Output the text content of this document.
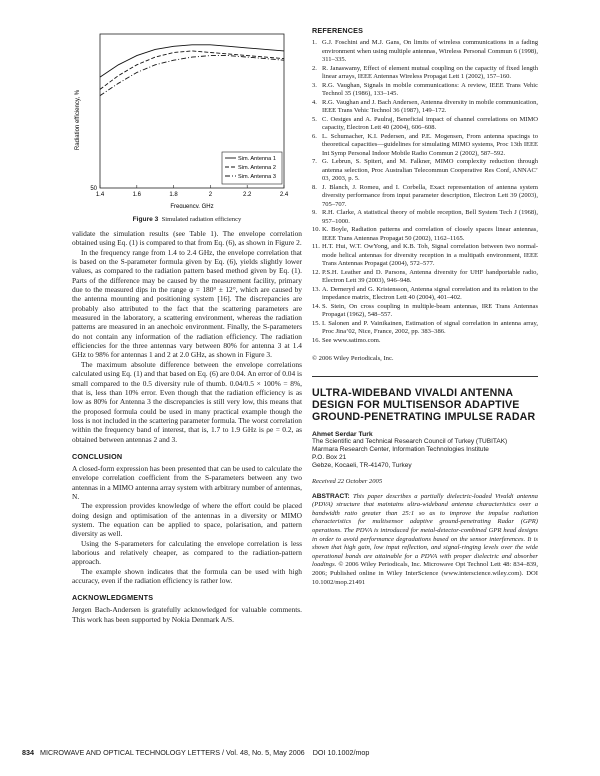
1.4	1.6	1.8	2	2.2	2.4
50
Sim. Antenna 1
Sim. Antenna 2
Sim. Antenna 3
Radiation efficiency, %
Frequency, GHz
Figure 3 Simulated radiation efficiency

validate the simulation results (see Table 1). The envelope correlation obtained using Eq. (1) is compared to that from Eq. (6), as shown in Figure 2.

In the frequency range from 1.4 to 2.4 GHz, the envelope correlation that is based on the S-parameter formula given by Eq. (6), yields slightly lower values, as compared to the radiation pattern based method given by Eq. (1). Parts of the difference may be caused by the measurement facility, primary due to the measured dips in the range φ = 180° ± 12°, which are caused by the antenna mounting and positioning system [16]. The discrepancies are probably also attributed to the fact that the scattering parameters are measured in the laboratory, a scattering environment, whereas the radiation patterns are measured in an anechoic environment. Finally, the S-parameters do not contain any information of the radiation efficiency. The radiation efficiencies for the three antennas vary between 80% for antenna 3 at 1.4 GHz to 98% for antennas 1 and 2 at 2.0 GHz, as shown in Figure 3.

The maximum absolute difference between the envelope correlations calculated using Eq. (1) and that based on Eq. (6) are 0.04. An error of 0.04 is small compared to the 0.5 diversity rule of thumb. 0.04/0.5 × 100% = 8%, that is, less than 10% error. Even though that the radiation efficiency is as low as 80% for Antenna 3 the discrepancies is still very low, this means that the proposed formula could be used in many practical example though the loss is not included in the scattering parameter formula. The worst correlation within the frequency band of interest, that is, 1.7 to 1.9 GHz is ρe = 0.2, as obtained between antennas 2 and 3.

CONCLUSION

A closed-form expression has been presented that can be used to calculate the envelope correlation coefficient from the S-parameters between any two antennas in a MIMO antenna array system with arbitrary number of antennas, N.

The expression provides knowledge of where the effort could be placed doing design and optimisation of the antennas in a diversity or MIMO system. The equation can be applied to space, polarisation, and pattern diversity as well.

Using the S-parameters for calculating the envelope correlation is less laborious and relatively cheaper, as compared to the radiation-pattern approach.

The example shown indicates that the formula can be used with high accuracy, even if the radiation efficiency is rather low.

ACKNOWLEDGMENTS

Jørgen Bach-Andersen is gratefully acknowledged for valuable comments. This work has been supported by Nokia Denmark A/S.

REFERENCES

1. G.J. Foschini and M.J. Gans, On limits of wireless communications in a fading environment when using multiple antennas, Wireless Personal Commun 6 (1998), 311–335.
2. R. Janaswamy, Effect of element mutual coupling on the capacity of fixed length linear arrays, IEEE Antennas Wireless Propagat Lett 1 (2002), 157–160.
3. R.G. Vaughan, Signals in mobile communications: A review, IEEE Trans Vehic Technol 35 (1986), 133–145.
4. R.G. Vaughan and J. Bach Andersen, Antenna diversity in mobile communication, IEEE Trans Vehic Technol 36 (1987), 149–172.
5. C. Oestges and A. Paulraj, Beneficial impact of channel correlations on MIMO capacity, Electron Lett 40 (2004), 606–608.
6. L. Schumacher, K.I. Pedersen, and P.E. Mogensen, From antenna spacings to theoretical capacities—guidelines for simulating MIMO systems, Proc 13th IEEE Int Symp Personal Indoor Mobile Radio Commun 2 (2002), 587–592.
7. G. Lebrun, S. Spiteri, and M. Falkner, MIMO complexity reduction through antenna selection, Proc Australian Telecommun Cooperative Res Conf, ANNAC’ 03, 2003, p. 5.
8. J. Blanch, J. Romeu, and I. Corbella, Exact representation of antenna system diversity performance from input parameter description, Electron Lett 39 (2003), 705–707.
9. R.H. Clarke, A statistical theory of mobile reception, Bell System Tech J (1968), 957–1000.
10. K. Boyle, Radiation patterns and correlation of closely spaces linear antennas, IEEE Trans Antennas Propagat 50 (2002), 1162–1165.
11. H.T. Hui, W.T. OwYong, and K.B. Toh, Signal correlation between two normal-mode helical antennas for diversity reception in a multipath environment, IEEE Trans Antennas Propagat (2004), 572–577.
12. P.S.H. Leather and D. Parsons, Antenna diversity for UHF handportable radio, Electron Lett 39 (2003), 946–948.
13. A. Derneryd and G. Kristensson, Antenna signal correlation and its relation to the impedance matrix, Electron Lett 40 (2004), 401–402.
14. S. Stein, On cross coupling in multiple-beam antennas, IRE Trans Antennas Propagat (1962), 548–557.
15. I. Salonen and P. Vainikainen, Estimation of signal correlation in antenna array, Proc Jina’02, Nice, France, 2002, pp. 383–386.
16. See www.satimo.com.
© 2006 Wiley Periodicals, Inc.
ULTRA-WIDEBAND VIVALDI ANTENNA DESIGN FOR MULTISENSOR ADAPTIVE GROUND-PENETRATING IMPULSE RADAR
Ahmet Serdar Turk
The Scientific and Technical Research Council of Turkey (TUBITAK)
Marmara Research Center, Information Technologies Institute
P.O. Box 21
Gebze, Kocaeli, TR-41470, Turkey
Received 22 October 2005
ABSTRACT: This paper describes a partially dielectric-loaded Vivaldi antenna (PDVA) structure that maintains ultra-wideband antenna characteristics over a bandwidth ratio greater than 25:1 so as to improve the impulse radiation characteristics for multisensor adaptive ground-penetrating Radar (GPR) operations. The PDVA is introduced for metal-detector-combined GPR head designs in order to avoid performance degradations based on the sensor interferences. It is shown that high gain, low input reflection, and signal-ringing levels over the wide operational bands are attainable for a PDVA with proper dielectric and absorber loadings. © 2006 Wiley Periodicals, Inc. Microwave Opt Technol Lett 48: 834–839, 2006; Published online in Wiley InterScience (www.interscience.wiley.com). DOI 10.1002/mop.21491
834 MICROWAVE AND OPTICAL TECHNOLOGY LETTERS / Vol. 48, No. 5, May 2006 DOI 10.1002/mop
